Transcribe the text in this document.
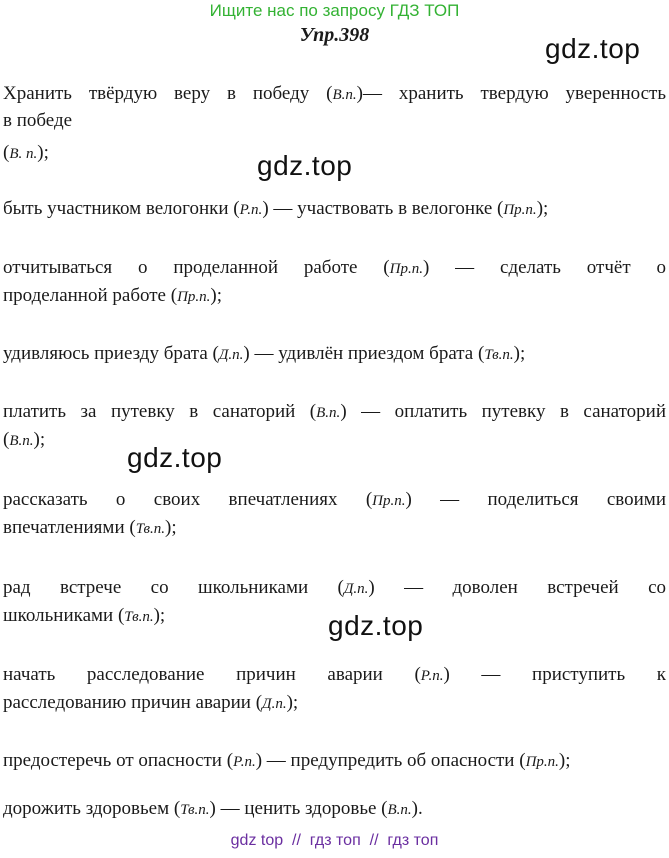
Ищите нас по запросу ГДЗ ТОП
Упр.398	gdz.top
gdz.top
gdz.top
gdz.top
Хранить твёрдую веру в победу (В.п.)— хранить твердую уверенность
в победе
(В. п.);
быть участником велогонки (Р.п.) — участвовать в велогонке (Пр.п.);
отчитываться о проделанной работе (Пр.п.) — сделать отчёт о
проделанной работе (Пр.п.);
удивляюсь приезду брата (Д.п.) — удивлён приездом брата (Тв.п.);
платить за путевку в санаторий (В.п.) — оплатить путевку в санаторий
(В.п.);
рассказать о своих впечатлениях (Пр.п.) — поделиться своими
впечатлениями (Тв.п.);
рад встрече со школьниками (Д.п.) — доволен встречей со
школьниками (Тв.п.);
начать расследование причин аварии (Р.п.) — приступить к
расследованию причин аварии (Д.п.);
предостеречь от опасности (Р.п.) — предупредить об опасности (Пр.п.);
дорожить здоровьем (Тв.п.) — ценить здоровье (В.п.).
gdz top  //  гдз топ  //  гдз топ
